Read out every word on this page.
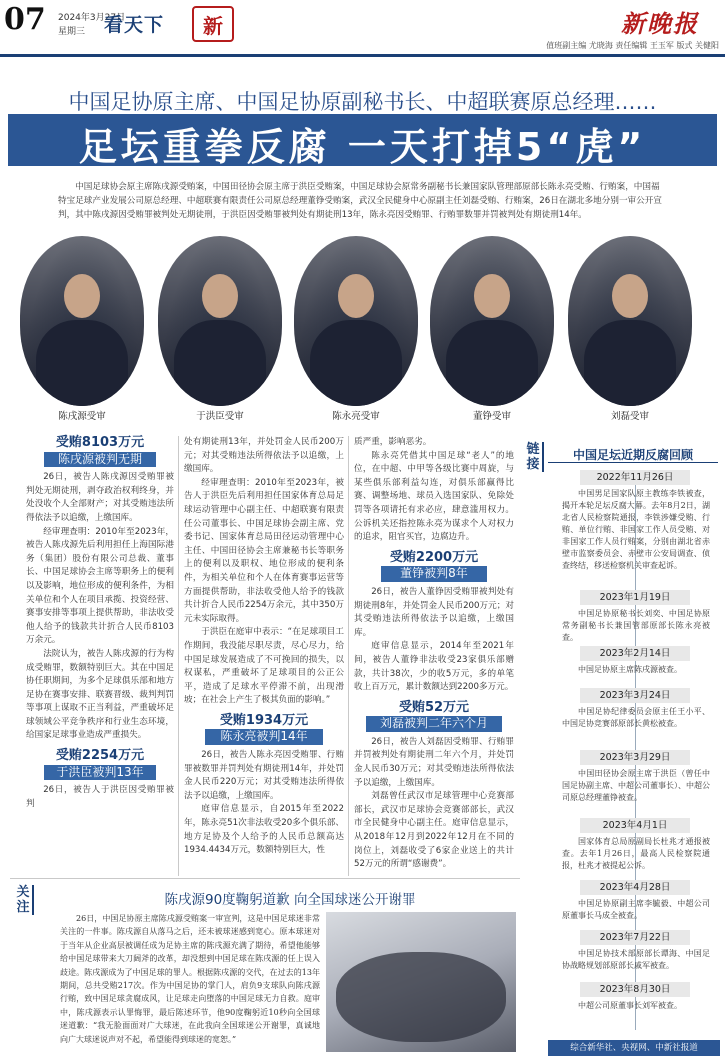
07 2024年3月27日
星期三 看天下	新	新晚报
值班副主编 尤晓海 责任编辑 王玉军 版式 关健阳
中国足协原主席、中国足协原副秘书长、中超联赛原总经理……
足坛重拳反腐 一天打掉5“虎”
中国足球协会原主席陈戌源受贿案，中国田径协会原主席于洪臣受贿案，中国足球协会原常务副秘书长兼国家队管理部原部长陈永亮受贿、行贿案，中国福特宝足球产业发展公司原总经理、中超联赛有限责任公司原总经理董铮受贿案，武汉全民健身中心原副主任刘磊受贿、行贿案，26日在湖北多地分别一审公开宣判，其中陈戌源因受贿罪被判处无期徒刑，于洪臣因受贿罪被判处有期徒刑13年，陈永亮因受贿罪、行贿罪数罪并罚被判处有期徒刑14年。
陈戌源受审	于洪臣受审	陈永亮受审	董铮受审	刘磊受审
受贿8103万元
陈戌源被判无期

26日，被告人陈戌源因受贿罪被判处无期徒刑，剥夺政治权利终身，并处没收个人全部财产；对其受贿违法所得依法予以追缴，上缴国库。

经审理查明：2010年至2023年，被告人陈戌源先后利用担任上海国际港务（集团）股份有限公司总裁、董事长、中国足球协会主席等职务上的便利以及影响，地位形成的便利条件，为相关单位和个人在项目承揽、投资经营、赛事安排等事项上提供帮助，非法收受他人给予的钱款共计折合人民币8103万余元。

法院认为，被告人陈戌源的行为构成受贿罪，数额特别巨大。其在中国足协任职期间，为多个足球俱乐部和地方足协在赛事安排、联赛晋级、裁判判罚等事项上谋取不正当利益，严重破坏足球领域公平竞争秩序和行业生态环境，给国家足球事业造成严重损失。

受贿2254万元
于洪臣被判13年

26日，被告人于洪臣因受贿罪被判

处有期徒刑13年，并处罚金人民币200万元；对其受贿违法所得依法予以追缴，上缴国库。

经审理查明：2010年至2023年，被告人于洪臣先后利用担任国家体育总局足球运动管理中心副主任、中超联赛有限责任公司董事长、中国足球协会副主席、党委书记、国家体育总局田径运动管理中心主任、中国田径协会主席兼秘书长等职务上的便利以及职权、地位形成的便利条件，为相关单位和个人在体育赛事运营等方面提供帮助，非法收受他人给予的钱款共计折合人民币2254万余元，其中350万元未实际取得。

于洪臣在庭审中表示：“在足球项目工作期间，我没能尽职尽责，尽心尽力，给中国足球发展造成了不可挽回的损失，以权谋私，严重破坏了足球项目的公正公平，造成了足球水平停滞不前，出现滑坡；在社会上产生了极其负面的影响。”

受贿1934万元
陈永亮被判14年

26日，被告人陈永亮因受贿罪、行贿罪被数罪并罚判处有期徒刑14年，并处罚金人民币220万元；对其受贿违法所得依法予以追缴，上缴国库。

庭审信息显示，自2015年至2022年，陈永亮51次非法收受20多个俱乐部、地方足协及个人给予的人民币总额高达1934.4434万元，数额特别巨大，性

质严重，影响恶劣。

陈永亮凭借其中国足球“老人”的地位，在中超、中甲等各级比赛中周旋，与某些俱乐部利益勾连，对俱乐部赢得比赛、调整场地、球员入选国家队、免除处罚等各项请托有求必应，肆意滥用权力。公诉机关还指控陈永亮为谋求个人对权力的追求，阻官买官，边腐边升。

受贿2200万元
董铮被判8年

26日，被告人董铮因受贿罪被判处有期徒刑8年，并处罚金人民币200万元；对其受贿违法所得依法予以追缴，上缴国库。

庭审信息显示，2014年至2021年间，被告人董铮非法收受23家俱乐部赠款，共计38次，少的收5万元，多的单笔收上百万元，累计数额达到2200多万元。

受贿52万元
刘磊被判二年六个月

26日，被告人刘磊因受贿罪、行贿罪并罚被判处有期徒刑二年六个月，并处罚金人民币30万元；对其受贿违法所得依法予以追缴，上缴国库。

刘磊曾任武汉市足球管理中心竞赛部部长，武汉市足球协会竞赛部部长，武汉市全民健身中心副主任。庭审信息显示，从2018年12月到2022年12月在不同的岗位上，刘磊收受了6家企业送上的共计52万元的所谓“感谢费”。

链接
中国足坛近期反腐回顾
2022年11月26日
中国男足国家队原主教练李铁被查，揭开本轮足坛反腐大幕。去年8月2日，湖北省人民检察院通报，李铁涉嫌受贿、行贿、单位行贿、非国家工作人员受贿、对非国家工作人员行贿案，分别由湖北省赤壁市监察委员会、赤壁市公安局调查、侦查终结，移送检察机关审查起诉。
2023年1月19日
中国足协原秘书长刘奕、中国足协原常务副秘书长兼国管部原部长陈永亮被查。
2023年2月14日
中国足协原主席陈戌源被查。
2023年3月24日
中国足协纪律委员会原主任王小平、中国足协竞赛部原部长黄松被查。
2023年3月29日
中国田径协会原主席于洪臣（曾任中国足协副主席、中超公司董事长）、中超公司原总经理董铮被查。
2023年4月1日
国家体育总局原副局长杜兆才通报被查。去年1月26日，最高人民检察院通报，杜兆才被提起公诉。
2023年4月28日
中国足协原副主席李毓毅、中超公司原董事长马成全被查。
2023年7月22日
中国足协技术部原部长谭海、中国足协战略规划部原部长戚军被查。
2023年8月30日
中超公司原董事长刘军被查。
综合新华社、央视网、中新社报道
关注	陈戌源90度鞠躬道歉 向全国球迷公开谢罪
26日，中国足协原主席陈戌源受贿案一审宣判，这是中国足球迷非常关注的一件事。陈戌源自从落马之后，还未被球迷感到宽心。原本球迷对于当年从企业高层被调任成为足协主席的陈戌源充满了期待，希望他能够给中国足球带来大刀阔斧的改革，却没想到中国足球在陈戌源的任上误入歧途。陈戌源成为了中国足球的罪人。根据陈戌源的交代，在过去的13年期间，总共受贿217次。作为中国足协的掌门人，肩负9支球队向陈戌源行贿，致中国足球贪腐成风，让足球走向堕落的中国足球无力自救。庭审中，陈戌源表示认罪悔罪，最后陈述环节，他90度鞠躬近10秒向全国球迷道歉：“我无脸面面对广大球迷，在此我向全国球迷公开谢罪，真诚地向广大球迷说声对不起，希望能得到球迷的宽恕。”
